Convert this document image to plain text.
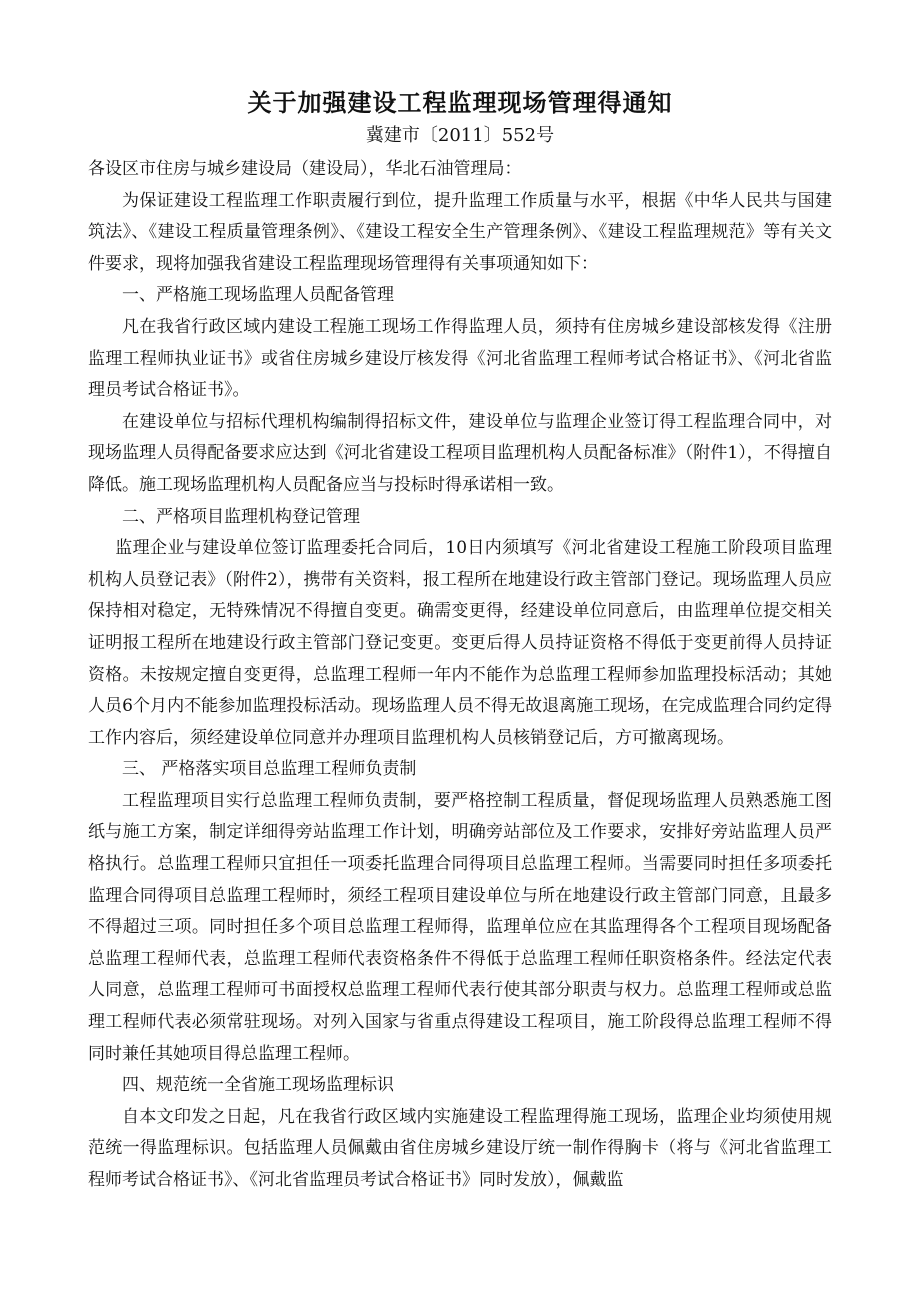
关于加强建设工程监理现场管理得通知
冀建市〔2011〕552号

各设区市住房与城乡建设局（建设局），华北石油管理局：

为保证建设工程监理工作职责履行到位，提升监理工作质量与水平，根据《中华人民共与国建筑法》、《建设工程质量管理条例》、《建设工程安全生产管理条例》、《建设工程监理规范》等有关文件要求，现将加强我省建设工程监理现场管理得有关事项通知如下：

一、严格施工现场监理人员配备管理

凡在我省行政区域内建设工程施工现场工作得监理人员，须持有住房城乡建设部核发得《注册监理工程师执业证书》或省住房城乡建设厅核发得《河北省监理工程师考试合格证书》、《河北省监理员考试合格证书》。

在建设单位与招标代理机构编制得招标文件，建设单位与监理企业签订得工程监理合同中，对现场监理人员得配备要求应达到《河北省建设工程项目监理机构人员配备标准》（附件1），不得擅自降低。施工现场监理机构人员配备应当与投标时得承诺相一致。

二、严格项目监理机构登记管理

监理企业与建设单位签订监理委托合同后，10日内须填写《河北省建设工程施工阶段项目监理机构人员登记表》（附件2），携带有关资料，报工程所在地建设行政主管部门登记。现场监理人员应保持相对稳定，无特殊情况不得擅自变更。确需变更得，经建设单位同意后，由监理单位提交相关证明报工程所在地建设行政主管部门登记变更。变更后得人员持证资格不得低于变更前得人员持证资格。未按规定擅自变更得，总监理工程师一年内不能作为总监理工程师参加监理投标活动；其她人员6个月内不能参加监理投标活动。现场监理人员不得无故退离施工现场，在完成监理合同约定得工作内容后，须经建设单位同意并办理项目监理机构人员核销登记后，方可撤离现场。

三、 严格落实项目总监理工程师负责制

工程监理项目实行总监理工程师负责制，要严格控制工程质量，督促现场监理人员熟悉施工图纸与施工方案，制定详细得旁站监理工作计划，明确旁站部位及工作要求，安排好旁站监理人员严格执行。总监理工程师只宜担任一项委托监理合同得项目总监理工程师。当需要同时担任多项委托监理合同得项目总监理工程师时，须经工程项目建设单位与所在地建设行政主管部门同意，且最多不得超过三项。同时担任多个项目总监理工程师得，监理单位应在其监理得各个工程项目现场配备总监理工程师代表，总监理工程师代表资格条件不得低于总监理工程师任职资格条件。经法定代表人同意，总监理工程师可书面授权总监理工程师代表行使其部分职责与权力。总监理工程师或总监理工程师代表必须常驻现场。对列入国家与省重点得建设工程项目，施工阶段得总监理工程师不得同时兼任其她项目得总监理工程师。

四、规范统一全省施工现场监理标识

自本文印发之日起，凡在我省行政区域内实施建设工程监理得施工现场，监理企业均须使用规范统一得监理标识。包括监理人员佩戴由省住房城乡建设厅统一制作得胸卡（将与《河北省监理工程师考试合格证书》、《河北省监理员考试合格证书》同时发放），佩戴监
